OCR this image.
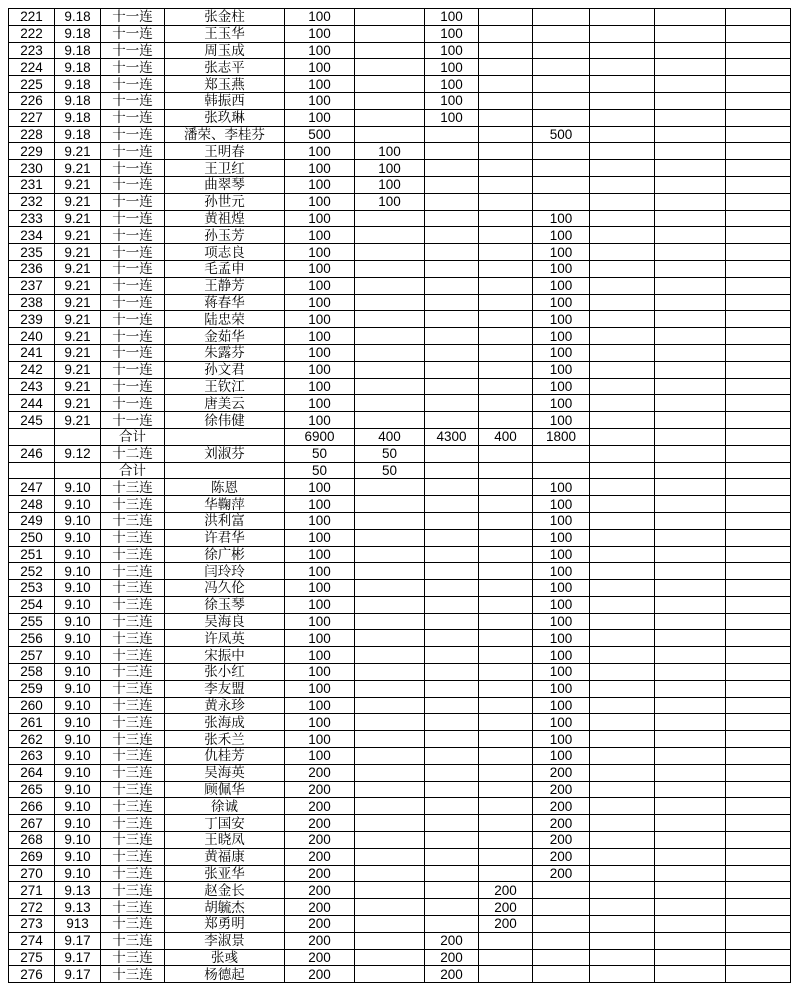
221	9.18	十一连	张金柱	100		100					
222	9.18	十一连	王玉华	100		100					
223	9.18	十一连	周玉成	100		100					
224	9.18	十一连	张志平	100		100					
225	9.18	十一连	郑玉燕	100		100					
226	9.18	十一连	韩振西	100		100					
227	9.18	十一连	张玖琳	100		100					
228	9.18	十一连	潘荣、李桂芬	500				500			
229	9.21	十一连	王明春	100	100						
230	9.21	十一连	王卫红	100	100						
231	9.21	十一连	曲翠琴	100	100						
232	9.21	十一连	孙世元	100	100						
233	9.21	十一连	黄祖煌	100				100			
234	9.21	十一连	孙玉芳	100				100			
235	9.21	十一连	项志良	100				100			
236	9.21	十一连	毛孟申	100				100			
237	9.21	十一连	王静芳	100				100			
238	9.21	十一连	蒋春华	100				100			
239	9.21	十一连	陆忠荣	100				100			
240	9.21	十一连	金茹华	100				100			
241	9.21	十一连	朱露芬	100				100			
242	9.21	十一连	孙文君	100				100			
243	9.21	十一连	王钦江	100				100			
244	9.21	十一连	唐美云	100				100			
245	9.21	十一连	徐伟健	100				100			
		合计		6900	400	4300	400	1800			
246	9.12	十二连	刘淑芬	50	50						
		合计		50	50						
247	9.10	十三连	陈恩	100				100			
248	9.10	十三连	华鞠萍	100				100			
249	9.10	十三连	洪利富	100				100			
250	9.10	十三连	许君华	100				100			
251	9.10	十三连	徐广彬	100				100			
252	9.10	十三连	闫玲玲	100				100			
253	9.10	十三连	冯久伦	100				100			
254	9.10	十三连	徐玉琴	100				100			
255	9.10	十三连	吴海良	100				100			
256	9.10	十三连	许凤英	100				100			
257	9.10	十三连	宋振中	100				100			
258	9.10	十三连	张小红	100				100			
259	9.10	十三连	李友盟	100				100			
260	9.10	十三连	黄永珍	100				100			
261	9.10	十三连	张海成	100				100			
262	9.10	十三连	张禾兰	100				100			
263	9.10	十三连	仇桂芳	100				100			
264	9.10	十三连	吴海英	200				200			
265	9.10	十三连	顾佩华	200				200			
266	9.10	十三连	徐诚	200				200			
267	9.10	十三连	丁国安	200				200			
268	9.10	十三连	王晓凤	200				200			
269	9.10	十三连	黄福康	200				200			
270	9.10	十三连	张亚华	200				200			
271	9.13	十三连	赵金长	200			200				
272	9.13	十三连	胡毓杰	200			200				
273	913	十三连	郑勇明	200			200				
274	9.17	十三连	李淑景	200		200					
275	9.17	十三连	张彧	200		200					
276	9.17	十三连	杨德起	200		200					
